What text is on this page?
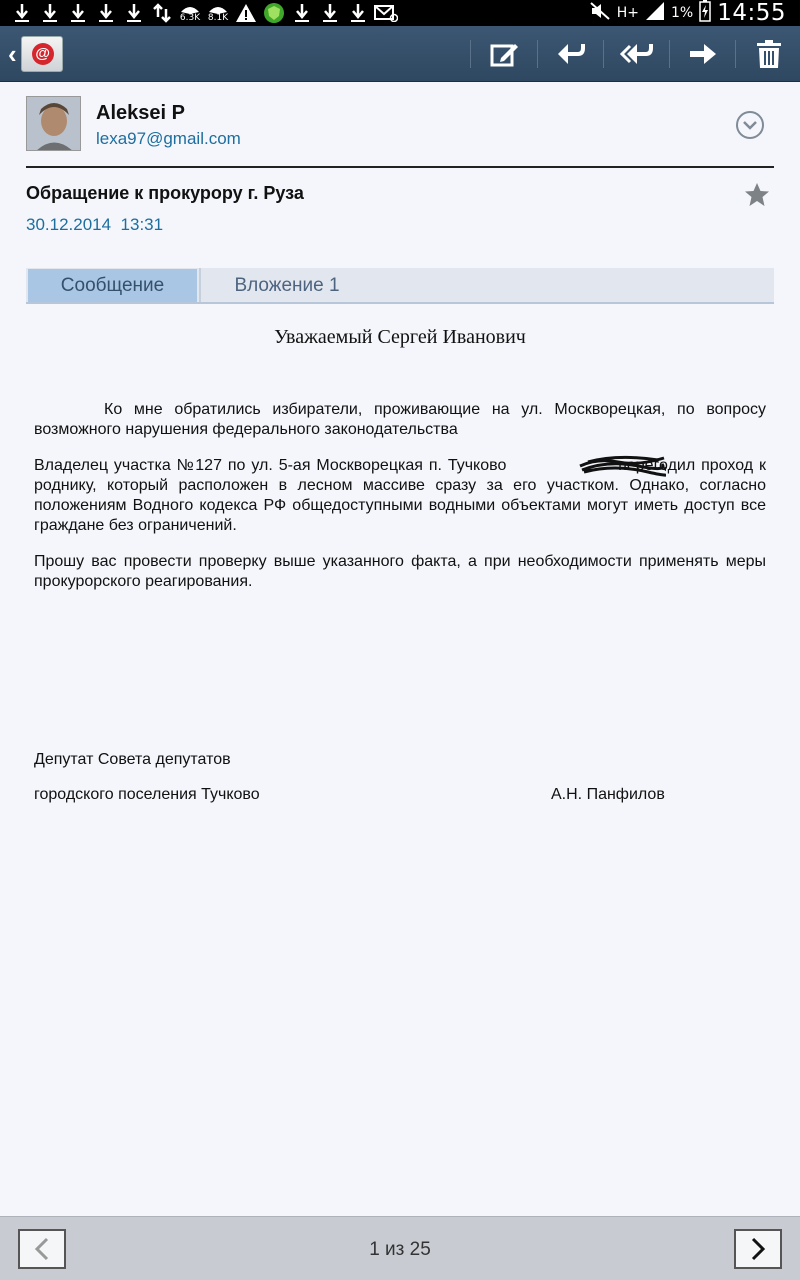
6.3K 8.1K	H+ 1% 14:55
‹ @
Aleksei P
lexa97@gmail.com
Обращение к прокурору г. Руза
30.12.2014 13:31
Сообщение	Вложение 1
Уважаемый Сергей Иванович
Ко мне обратились избиратели, проживающие на ул. Москворецкая, по вопросу возможного нарушения федерального законодательства
Владелец участка №127 по ул. 5-ая Москворецкая п. Тучково	перегодил проход к роднику, который расположен в лесном массиве сразу за его участком. Однако, согласно положениям Водного кодекса РФ общедоступными водными объектами могут иметь доступ все граждане без ограничений.
Прошу вас провести проверку выше указанного факта, а при необходимости применять меры прокурорского реагирования.
Депутат Совета депутатов
городского поселения Тучково	А.Н. Панфилов
1 из 25
